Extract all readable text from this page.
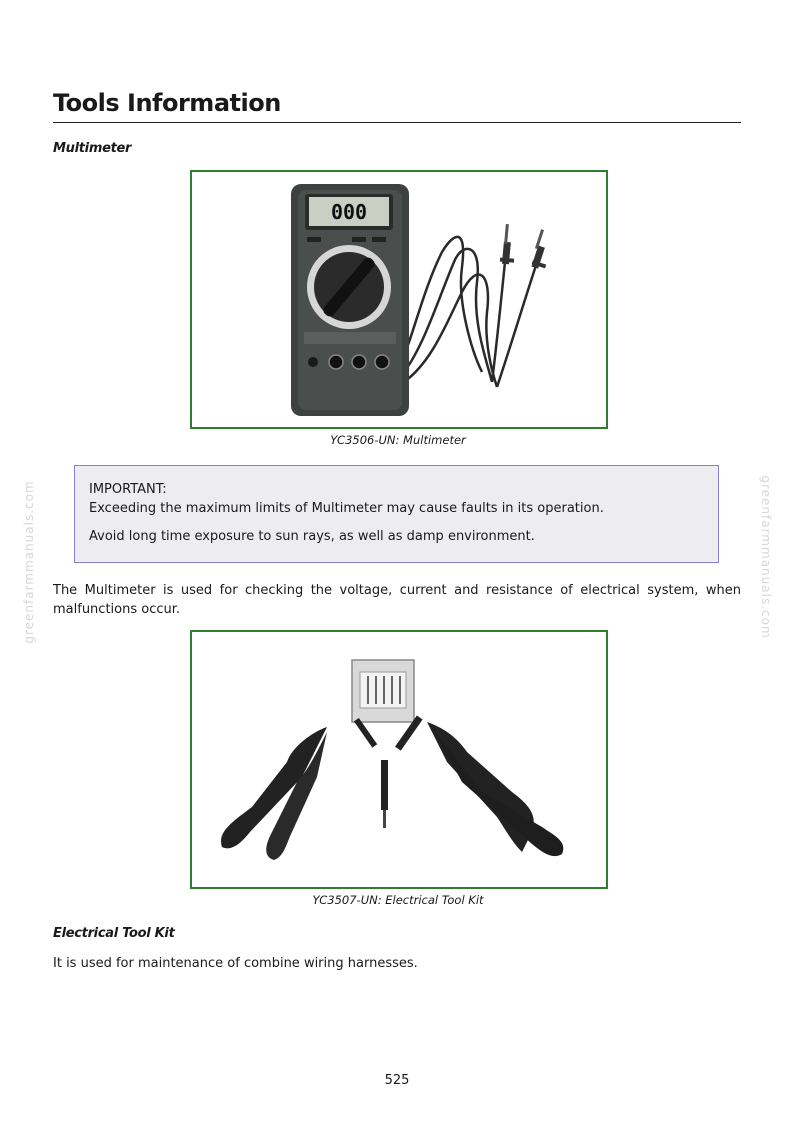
Tools Information
Multimeter
000
YC3506-UN: Multimeter

IMPORTANT:

Exceeding the maximum limits of Multimeter may cause faults in its operation.

Avoid long time exposure to sun rays, as well as damp environment.

The Multimeter is used for checking the voltage, current and resistance of electrical system, when malfunctions occur.
YC3507-UN: Electrical Tool Kit
Electrical Tool Kit
It is used for maintenance of combine wiring harnesses.
greenfarmmanuals.com	greenfarmmanuals.com
525
